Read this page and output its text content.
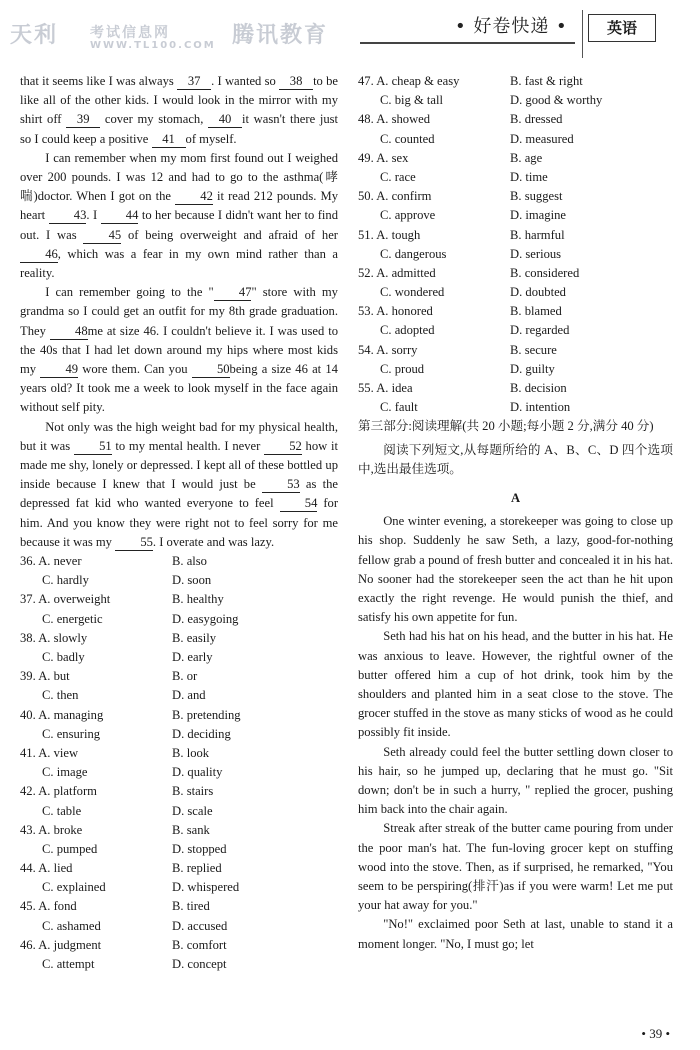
天利 考试信息网
WWW.TL100.COM 腾讯教育	• 好卷快递 •	英语

that it seems like I was always 37 . I wanted so 38 to be like all of the other kids. I would look in the mirror with my shirt off 39 cover my stomach, 40 it wasn't there just so I could keep a positive 41 of myself.

I can remember when my mom first found out I weighed over 200 pounds. I was 12 and had to go to the asthma(哮喘)doctor. When I got on the 42 it read 212 pounds. My heart 43. I 44 to her because I didn't want her to find out. I was	45 of being overweight and afraid of her 46, which was a fear in my own mind rather than a reality.

I can remember going to the " 47" store with my grandma so I could get an outfit for my 8th grade graduation. They 48me at size 46. I couldn't believe it. I was used to the 40s that I had let down around my hips where most kids my 49 wore them. Can you 50being a size 46 at 14 years old? It took me a week to look myself in the face again without self pity.

Not only was the high weight bad for my physical health, but it was 51 to my mental health. I never 52 how it made me shy, lonely or depressed. I kept all of these bottled up inside because I knew that I would just be 53 as the depressed fat kid who wanted everyone to feel 54 for him. And you know they were right not to feel sorry for me because it was my 55. I overate and was lazy.

36. A. never	B. also
C. hardly	D. soon
37. A. overweight	B. healthy
C. energetic	D. easygoing
38. A. slowly	B. easily
C. badly	D. early
39. A. but	B. or
C. then	D. and
40. A. managing	B. pretending
C. ensuring	D. deciding
41. A. view	B. look
C. image	D. quality
42. A. platform	B. stairs
C. table	D. scale
43. A. broke	B. sank
C. pumped	D. stopped
44. A. lied	B. replied
C. explained	D. whispered
45. A. fond	B. tired
C. ashamed	D. accused
46. A. judgment	B. comfort
C. attempt	D. concept
47. A. cheap & easy	B. fast & right
C. big & tall	D. good & worthy
48. A. showed	B. dressed
C. counted	D. measured
49. A. sex	B. age
C. race	D. time
50. A. confirm	B. suggest
C. approve	D. imagine
51. A. tough	B. harmful
C. dangerous	D. serious
52. A. admitted	B. considered
C. wondered	D. doubted
53. A. honored	B. blamed
C. adopted	D. regarded
54. A. sorry	B. secure
C. proud	D. guilty
55. A. idea	B. decision
C. fault	D. intention

第三部分:阅读理解(共 20 小题;每小题 2 分,满分 40 分)

阅读下列短文,从每题所给的 A、B、C、D 四个选项中,选出最佳选项。

A

One winter evening, a storekeeper was going to close up his shop. Suddenly he saw Seth, a lazy, good-for-nothing fellow grab a pound of fresh butter and concealed it in his hat. No sooner had the storekeeper seen the act than he hit upon exactly the right revenge. He would punish the thief, and satisfy his own appetite for fun.

Seth had his hat on his head, and the butter in his hat. He was anxious to leave. However, the rightful owner of the butter offered him a cup of hot drink, took him by the shoulders and planted him in a seat close to the stove. The grocer stuffed in the stove as many sticks of wood as he could possibly fit inside.

Seth already could feel the butter settling down closer to his hair, so he jumped up, declaring that he must go. "Sit down; don't be in such a hurry, " replied the grocer, pushing him back into the chair again.

Streak after streak of the butter came pouring from under the poor man's hat. The fun-loving grocer kept on stuffing wood into the stove. Then, as if surprised, he remarked, "You seem to be perspiring(排汗)as if you were warm! Let me put your hat away for you."

"No!" exclaimed poor Seth at last, unable to stand it a moment longer. "No, I must go; let

• 39 •
